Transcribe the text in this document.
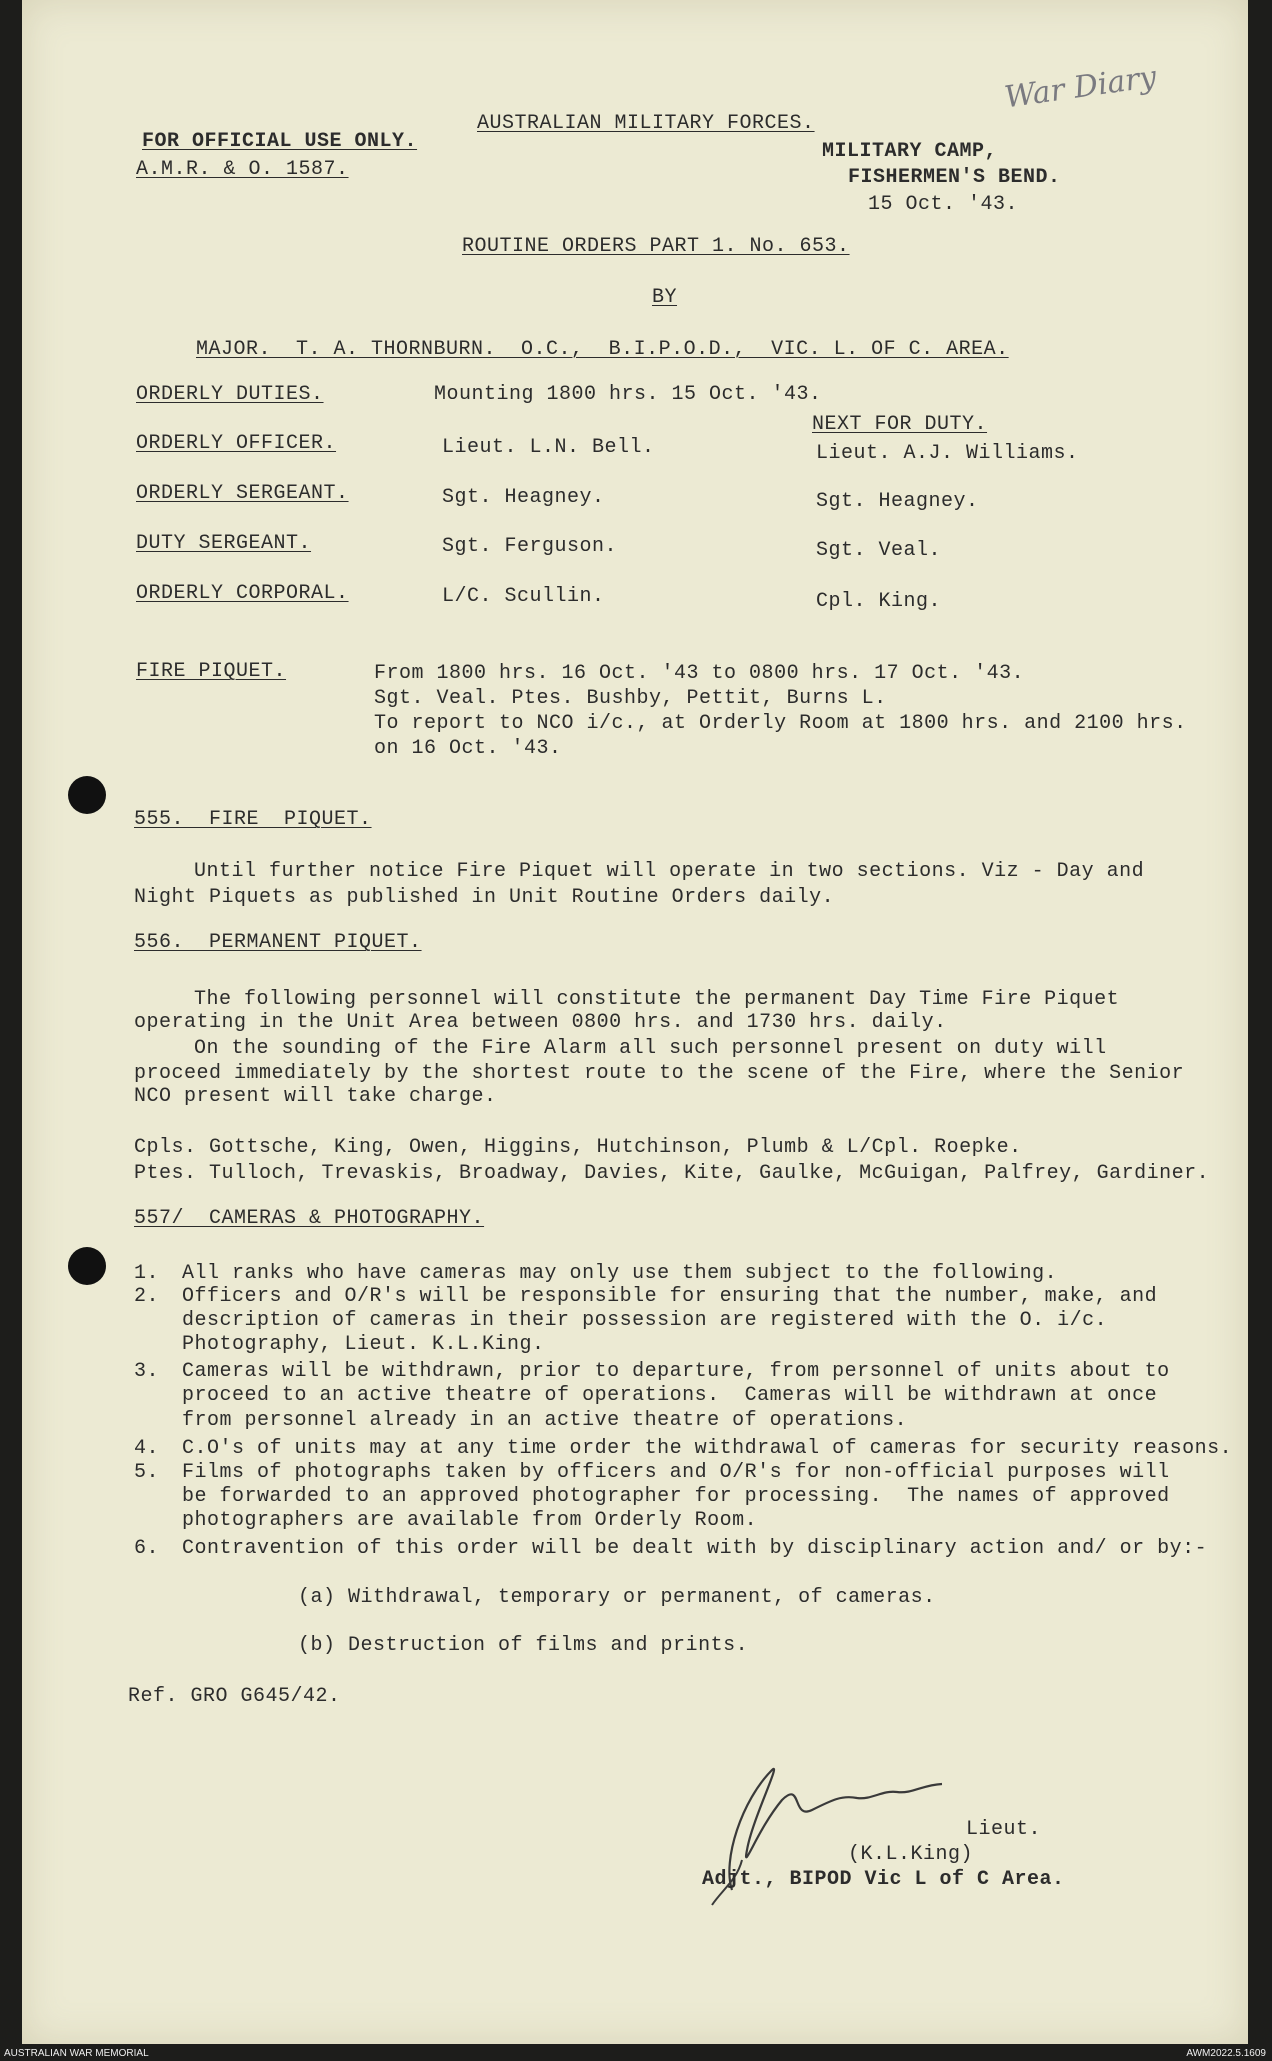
War Diary
FOR OFFICIAL USE ONLY.
A.M.R. & O. 1587.
AUSTRALIAN MILITARY FORCES.
MILITARY CAMP,
FISHERMEN'S BEND.
15 Oct. '43.
ROUTINE ORDERS PART 1. No. 653.
BY
MAJOR.  T. A. THORNBURN.  O.C.,  B.I.P.O.D.,  VIC. L. OF C. AREA.
ORDERLY DUTIES.	Mounting 1800 hrs. 15 Oct. '43.
NEXT FOR DUTY.
ORDERLY OFFICER.	Lieut. L.N. Bell.	Lieut. A.J. Williams.
ORDERLY SERGEANT.	Sgt. Heagney.	Sgt. Heagney.
DUTY SERGEANT.	Sgt. Ferguson.	Sgt. Veal.
ORDERLY CORPORAL.	L/C. Scullin.	Cpl. King.
FIRE PIQUET.	From 1800 hrs. 16 Oct. '43 to 0800 hrs. 17 Oct. '43.
Sgt. Veal. Ptes. Bushby, Pettit, Burns L.
To report to NCO i/c., at Orderly Room at 1800 hrs. and 2100 hrs.
on 16 Oct. '43.
555.  FIRE  PIQUET.
Until further notice Fire Piquet will operate in two sections. Viz - Day and
Night Piquets as published in Unit Routine Orders daily.
556.  PERMANENT PIQUET.
The following personnel will constitute the permanent Day Time Fire Piquet
operating in the Unit Area between 0800 hrs. and 1730 hrs. daily.
On the sounding of the Fire Alarm all such personnel present on duty will
proceed immediately by the shortest route to the scene of the Fire, where the Senior
NCO present will take charge.
Cpls. Gottsche, King, Owen, Higgins, Hutchinson, Plumb & L/Cpl. Roepke.
Ptes. Tulloch, Trevaskis, Broadway, Davies, Kite, Gaulke, McGuigan, Palfrey, Gardiner.
557/  CAMERAS & PHOTOGRAPHY.
1. All ranks who have cameras may only use them subject to the following.
2. Officers and O/R's will be responsible for ensuring that the number, make, and
description of cameras in their possession are registered with the O. i/c.
Photography, Lieut. K.L.King.
3. Cameras will be withdrawn, prior to departure, from personnel of units about to
proceed to an active theatre of operations.  Cameras will be withdrawn at once
from personnel already in an active theatre of operations.
4. C.O's of units may at any time order the withdrawal of cameras for security reasons.
5. Films of photographs taken by officers and O/R's for non-official purposes will
be forwarded to an approved photographer for processing.  The names of approved
photographers are available from Orderly Room.
6. Contravention of this order will be dealt with by disciplinary action and/ or by:-
(a) Withdrawal, temporary or permanent, of cameras.
(b) Destruction of films and prints.
Ref. GRO G645/42.
Lieut.
(K.L.King)
Adjt., BIPOD Vic L of C Area.
AUSTRALIAN WAR MEMORIAL	AWM2022.5.1609
